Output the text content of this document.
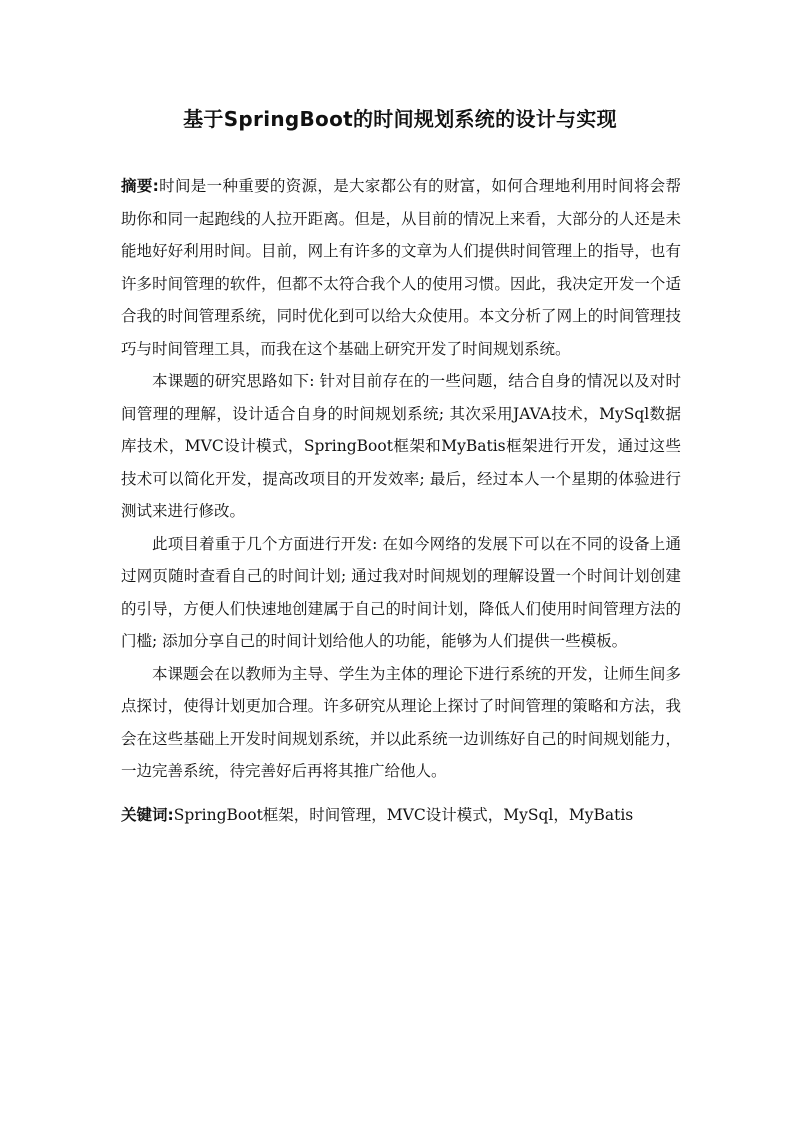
基于SpringBoot的时间规划系统的设计与实现

摘要:时间是一种重要的资源，是大家都公有的财富，如何合理地利用时间将会帮助你和同一起跑线的人拉开距离。但是，从目前的情况上来看，大部分的人还是未能地好好利用时间。目前，网上有许多的文章为人们提供时间管理上的指导，也有许多时间管理的软件，但都不太符合我个人的使用习惯。因此，我决定开发一个适合我的时间管理系统，同时优化到可以给大众使用。本文分析了网上的时间管理技巧与时间管理工具，而我在这个基础上研究开发了时间规划系统。

本课题的研究思路如下: 针对目前存在的一些问题，结合自身的情况以及对时间管理的理解，设计适合自身的时间规划系统; 其次采用JAVA技术，MySql数据库技术，MVC设计模式，SpringBoot框架和MyBatis框架进行开发，通过这些技术可以简化开发，提高改项目的开发效率; 最后，经过本人一个星期的体验进行测试来进行修改。

此项目着重于几个方面进行开发: 在如今网络的发展下可以在不同的设备上通过网页随时查看自己的时间计划; 通过我对时间规划的理解设置一个时间计划创建的引导，方便人们快速地创建属于自己的时间计划，降低人们使用时间管理方法的门槛; 添加分享自己的时间计划给他人的功能，能够为人们提供一些模板。

本课题会在以教师为主导、学生为主体的理论下进行系统的开发，让师生间多点探讨，使得计划更加合理。许多研究从理论上探讨了时间管理的策略和方法，我会在这些基础上开发时间规划系统，并以此系统一边训练好自己的时间规划能力，一边完善系统，待完善好后再将其推广给他人。

关键词:SpringBoot框架，时间管理，MVC设计模式，MySql，MyBatis
